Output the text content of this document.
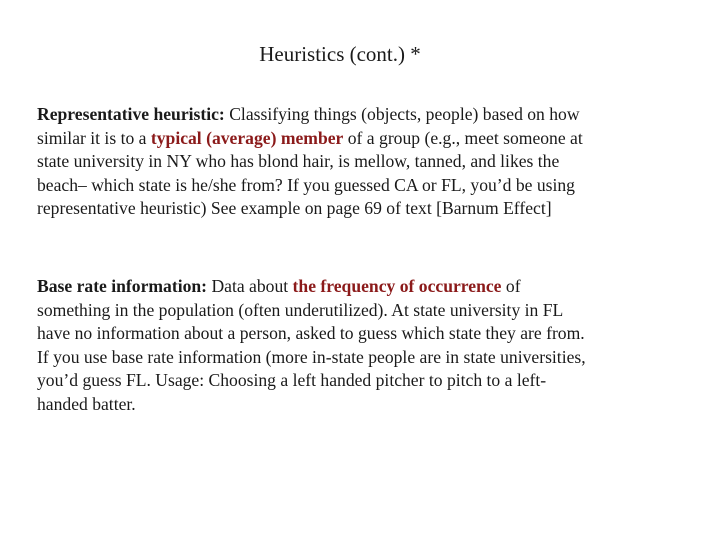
Heuristics (cont.) *
Representative heuristic: Classifying things (objects, people) based on how
similar it is to a typical (average) member of a group (e.g., meet someone at
state university in NY who has blond hair, is mellow, tanned, and likes the
beach– which state is he/she from? If you guessed CA or FL, you’d be using
representative heuristic) See example on page 69 of text [Barnum Effect]
Base rate information: Data about the frequency of occurrence of
something in the population (often underutilized). At state university in FL
have no information about a person, asked to guess which state they are from.
If you use base rate information (more in-state people are in state universities,
you’d guess FL. Usage: Choosing a left handed pitcher to pitch to a left-
handed batter.
